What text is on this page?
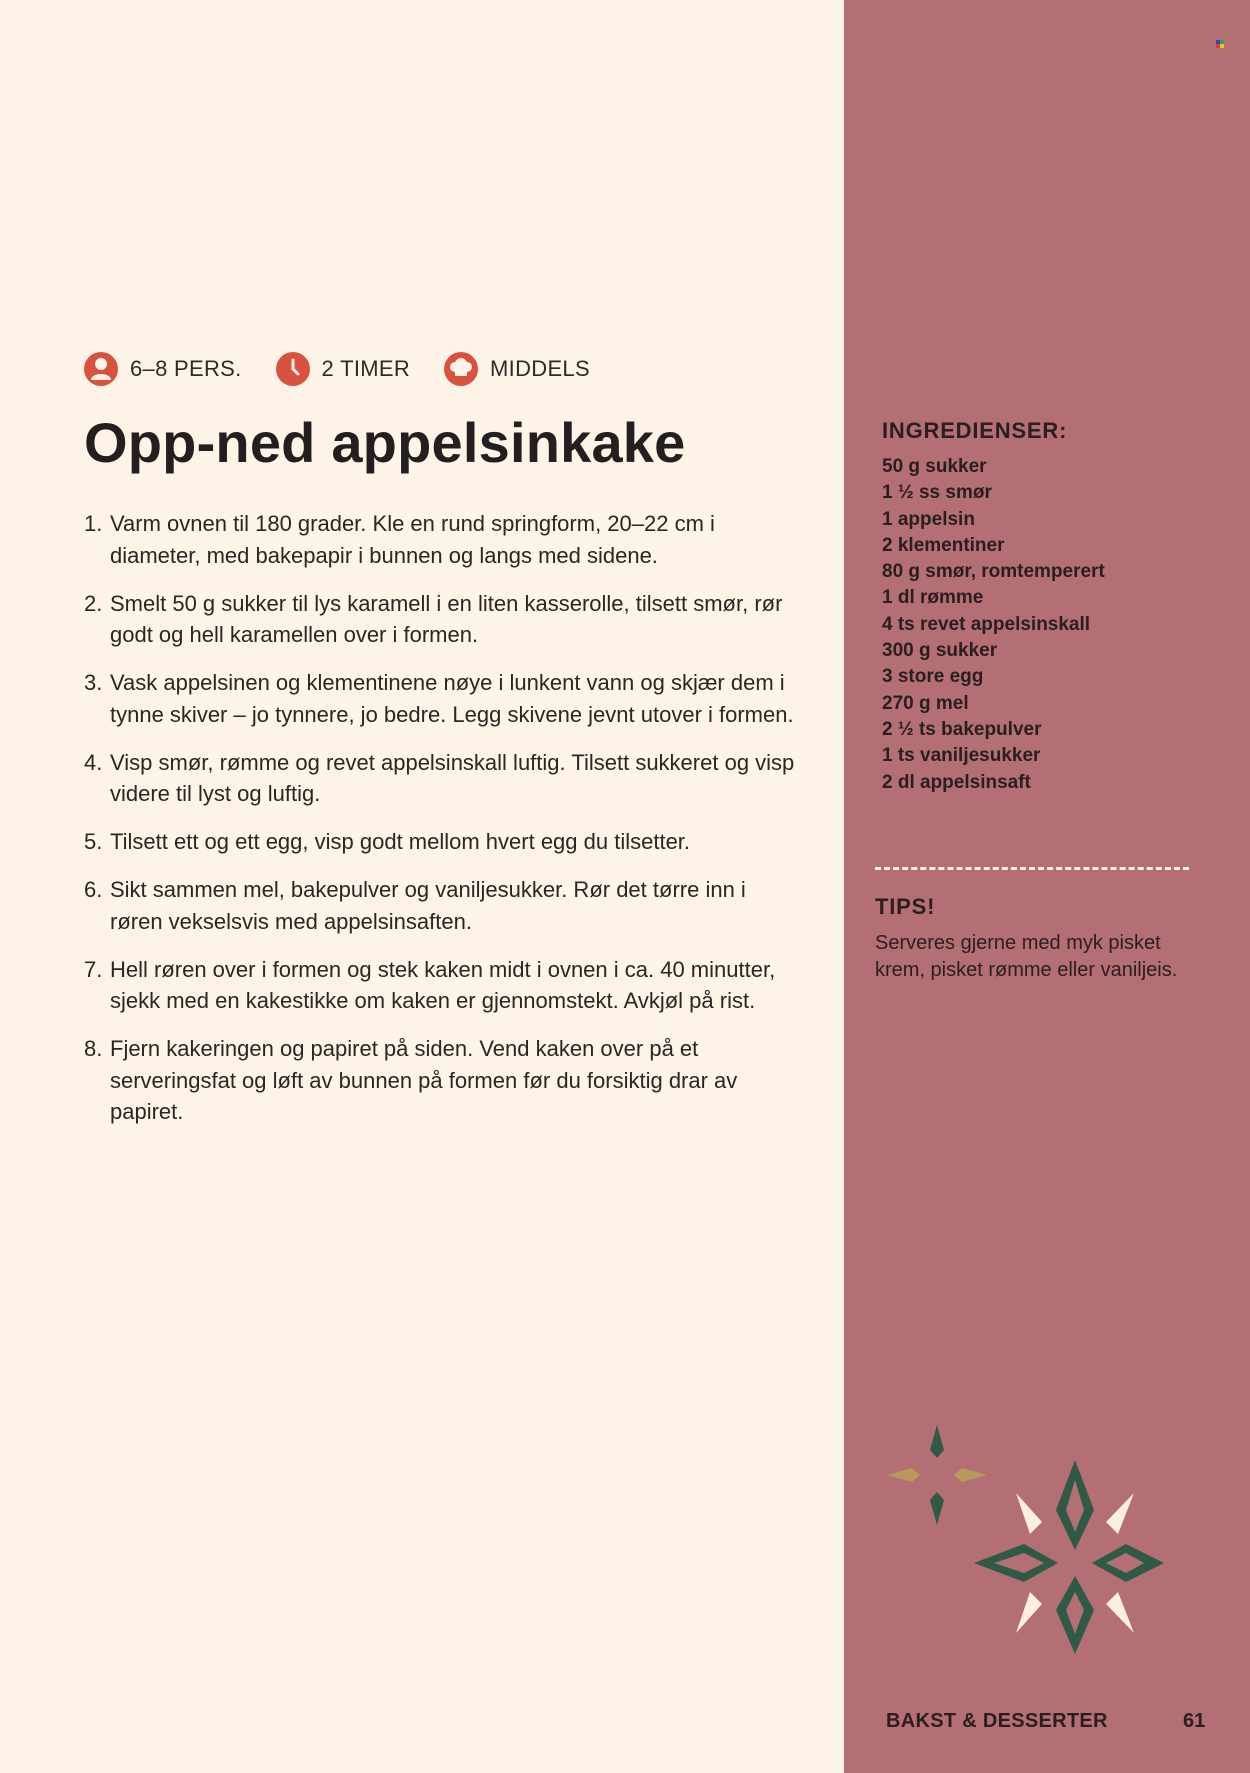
6–8 PERS.	2 TIMER	MIDDELS
Opp-ned appelsinkake
1. Varm ovnen til 180 grader. Kle en rund springform, 20–22 cm i diameter, med bakepapir i bunnen og langs med sidene.
2. Smelt 50 g sukker til lys karamell i en liten kasserolle, tilsett smør, rør godt og hell karamellen over i formen.
3. Vask appelsinen og klementinene nøye i lunkent vann og skjær dem i tynne skiver – jo tynnere, jo bedre. Legg skivene jevnt utover i formen.
4. Visp smør, rømme og revet appelsinskall luftig. Tilsett sukkeret og visp videre til lyst og luftig.
5. Tilsett ett og ett egg, visp godt mellom hvert egg du tilsetter.
6. Sikt sammen mel, bakepulver og vaniljesukker. Rør det tørre inn i røren vekselsvis med appelsinsaften.
7. Hell røren over i formen og stek kaken midt i ovnen i ca. 40 minutter, sjekk med en kakestikke om kaken er gjennomstekt. Avkjøl på rist.
8. Fjern kakeringen og papiret på siden. Vend kaken over på et serveringsfat og løft av bunnen på formen før du forsiktig drar av papiret.
INGREDIENSER:
50 g sukker
1 ½ ss smør
1 appelsin
2 klementiner
80 g smør, romtemperert
1 dl rømme
4 ts revet appelsinskall
300 g sukker
3 store egg
270 g mel
2 ½ ts bakepulver
1 ts vaniljesukker
2 dl appelsinsaft
TIPS!
Serveres gjerne med myk pisket krem, pisket rømme eller vaniljeis.
BAKST & DESSERTER	61
